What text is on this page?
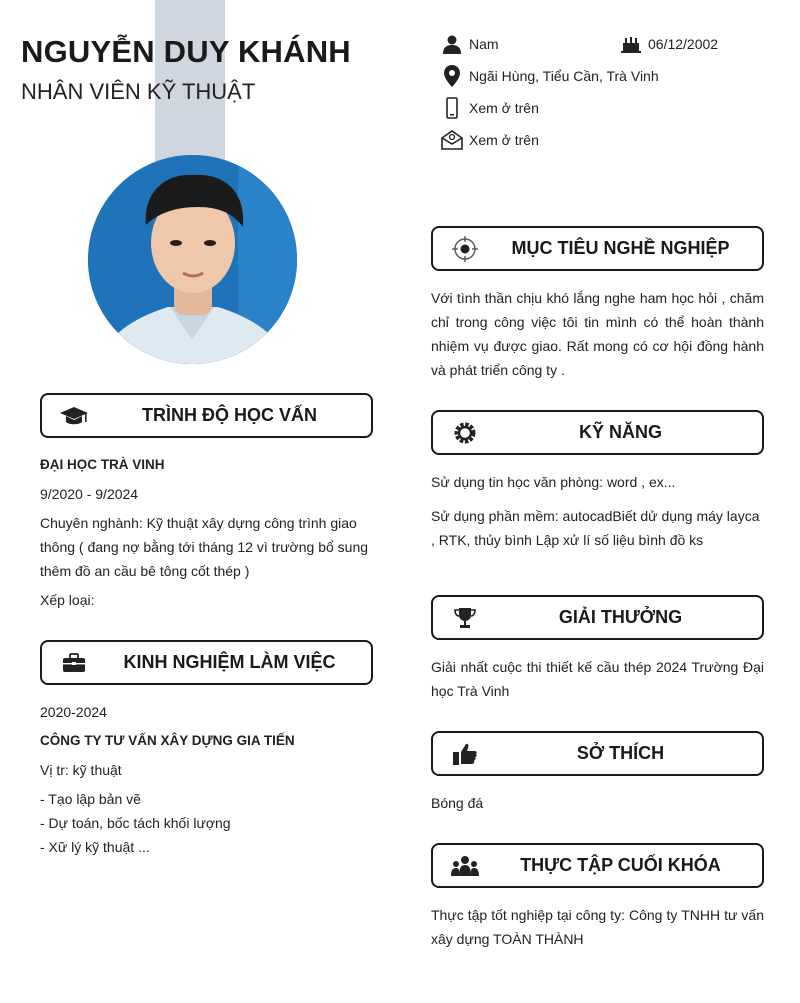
NGUYỄN DUY KHÁNH
NHÂN VIÊN KỸ THUẬT
Nam	06/12/2002
Ngãi Hùng, Tiểu Cần, Trà Vinh
Xem ở trên
Xem ở trên
TRÌNH ĐỘ HỌC VẤN
ĐẠI HỌC TRÀ VINH
9/2020 - 9/2024
Chuyên nghành: Kỹ thuật xây dựng công trình giao thông ( đang nợ bằng tới tháng 12 vì trường bổ sung thêm đồ an cầu bê tông cốt thép )
Xếp loại:
KINH NGHIỆM LÀM VIỆC
2020-2024
CÔNG TY TƯ VẤN XÂY DỰNG GIA TIẾN
Vị tr: kỹ thuật
- Tạo lập bản vẽ
- Dự toán, bốc tách khối lượng
- Xữ lý kỹ thuật ...
MỤC TIÊU NGHỀ NGHIỆP
Với tình thần chịu khó lắng nghe ham học hỏi , chăm chỉ trong công việc tôi tin mình có thể hoàn thành nhiệm vụ được giao. Rất mong có cơ hội đồng hành và phát triển công ty .
KỸ NĂNG
Sử dụng tin học văn phòng: word , ex...
Sử dụng phần mềm: autocadBiết dử dụng máy layca , RTK, thủy bình Lập xử lí số liệu bình đồ ks
GIẢI THƯỞNG
Giải nhất cuộc thi thiết kế cầu thép 2024 Trường Đại học Trà Vinh
SỞ THÍCH
Bóng đá
THỰC TẬP CUỐI KHÓA
Thực tập tốt nghiệp tại công ty: Công ty TNHH tư vấn xây dựng TOÀN THÀNH
